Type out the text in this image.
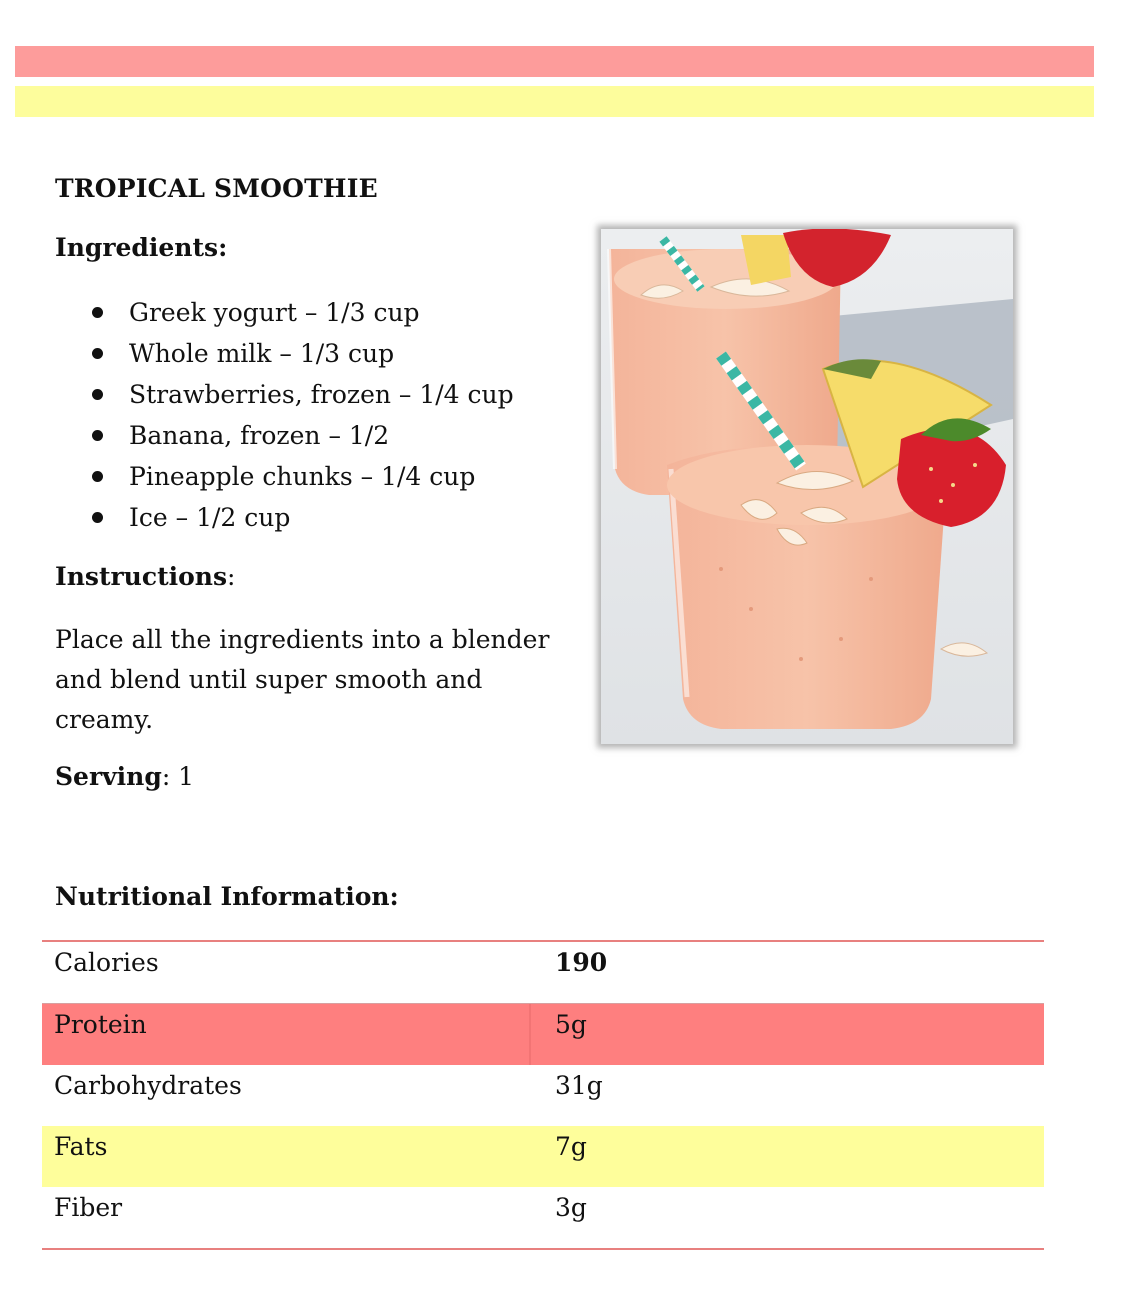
TROPICAL SMOOTHIE
Ingredients:
Greek yogurt – 1/3 cup
Whole milk – 1/3 cup
Strawberries, frozen – 1/4 cup
Banana, frozen – 1/2
Pineapple chunks – 1/4 cup
Ice – 1/2 cup
Instructions:
Place all the ingredients into a blender and blend until super smooth and creamy.
Serving: 1
Nutritional Information:
Calories	190
Protein	5g
Carbohydrates	31g
Fats	7g
Fiber	3g
